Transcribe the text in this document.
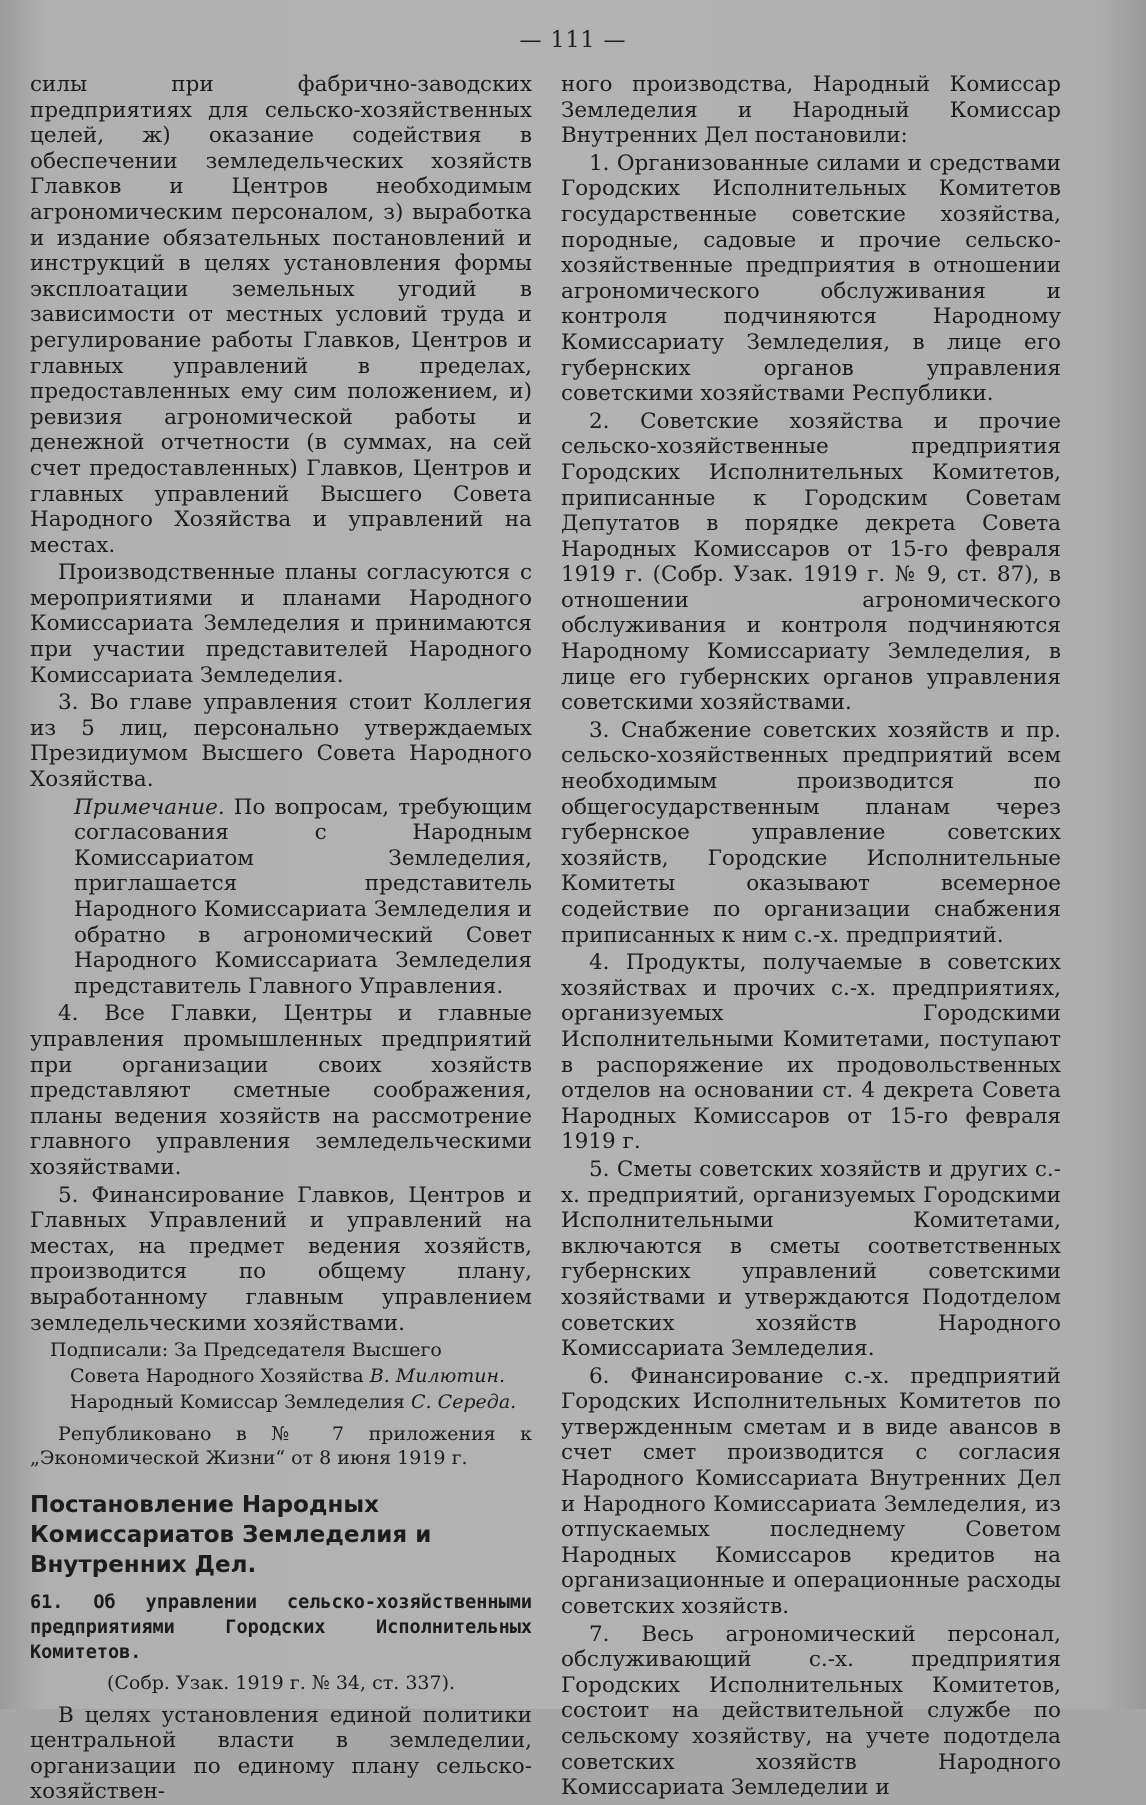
— 111 —

силы при фабрично-заводских предприятиях для сельско-хозяйственных целей, ж) оказание содействия в обеспечении земледельческих хозяйств Главков и Центров необходимым агрономическим персоналом, з) выработка и издание обязательных постановлений и инструкций в целях установления формы эксплоатации земельных угодий в зависимости от местных условий труда и регулирование работы Главков, Центров и главных управлений в пределах, предоставленных ему сим положением, и) ревизия агрономической работы и денежной отчетности (в суммах, на сей счет предоставленных) Главков, Центров и главных управлений Высшего Совета Народного Хозяйства и управлений на местах.

Производственные планы согласуются с мероприятиями и планами Народного Комиссариата Земледелия и принимаются при участии представителей Народного Комиссариата Земледелия.

3. Во главе управления стоит Коллегия из 5 лиц, персонально утверждаемых Президиумом Высшего Совета Народного Хозяйства.

Примечание. По вопросам, требующим согласования с Народным Комиссариатом Земледелия, приглашается представитель Народного Комиссариата Земледелия и обратно в агрономический Совет Народного Комиссариата Земледелия представитель Главного Управления.

4. Все Главки, Центры и главные управления промышленных предприятий при организации своих хозяйств представляют сметные соображения, планы ведения хозяйств на рассмотрение главного управления земледельческими хозяйствами.

5. Финансирование Главков, Центров и Главных Управлений и управлений на местах, на предмет ведения хозяйств, производится по общему плану, выработанному главным управлением земледельческими хозяйствами.

Подписали: За Председателя Высшего

Совета Народного Хозяйства В. Милютин.

Народный Комиссар Земледелия С. Середа.

Републиковано в № 7 приложения к „Экономической Жизни“ от 8 июня 1919 г.

Постановление Народных Комиссариатов Земледелия и Внутренних Дел.

61. Об управлении сельско-хозяйственными предприятиями Городских Исполнительных Комитетов.

(Собр. Узак. 1919 г. № 34, ст. 337).

В целях установления единой политики центральной власти в земледелии, организации по единому плану сельско-хозяйствен-

ного производства, Народный Комиссар Земледелия и Народный Комиссар Внутренних Дел постановили:

1. Организованные силами и средствами Городских Исполнительных Комитетов государственные советские хозяйства, породные, садовые и прочие сельско-хозяйственные предприятия в отношении агрономического обслуживания и контроля подчиняются Народному Комиссариату Земледелия, в лице его губернских органов управления советскими хозяйствами Республики.

2. Советские хозяйства и прочие сельско-хозяйственные предприятия Городских Исполнительных Комитетов, приписанные к Городским Советам Депутатов в порядке декрета Совета Народных Комиссаров от 15-го февраля 1919 г. (Собр. Узак. 1919 г. № 9, ст. 87), в отношении агрономического обслуживания и контроля подчиняются Народному Комиссариату Земледелия, в лице его губернских органов управления советскими хозяйствами.

3. Снабжение советских хозяйств и пр. сельско-хозяйственных предприятий всем необходимым производится по общегосударственным планам через губернское управление советских хозяйств, Городские Исполнительные Комитеты оказывают всемерное содействие по организации снабжения приписанных к ним с.-х. предприятий.

4. Продукты, получаемые в советских хозяйствах и прочих с.-х. предприятиях, организуемых Городскими Исполнительными Комитетами, поступают в распоряжение их продовольственных отделов на основании ст. 4 декрета Совета Народных Комиссаров от 15-го февраля 1919 г.

5. Сметы советских хозяйств и других с.-х. предприятий, организуемых Городскими Исполнительными Комитетами, включаются в сметы соответственных губернских управлений советскими хозяйствами и утверждаются Подотделом советских хозяйств Народного Комиссариата Земледелия.

6. Финансирование с.-х. предприятий Городских Исполнительных Комитетов по утвержденным сметам и в виде авансов в счет смет производится с согласия Народного Комиссариата Внутренних Дел и Народного Комиссариата Земледелия, из отпускаемых последнему Советом Народных Комиссаров кредитов на организационные и операционные расходы советских хозяйств.

7. Весь агрономический персонал, обслуживающий с.-х. предприятия Городских Исполнительных Комитетов, состоит на действительной службе по сельскому хозяйству, на учете подотдела советских хозяйств Народного Комиссариата Земледелии и
